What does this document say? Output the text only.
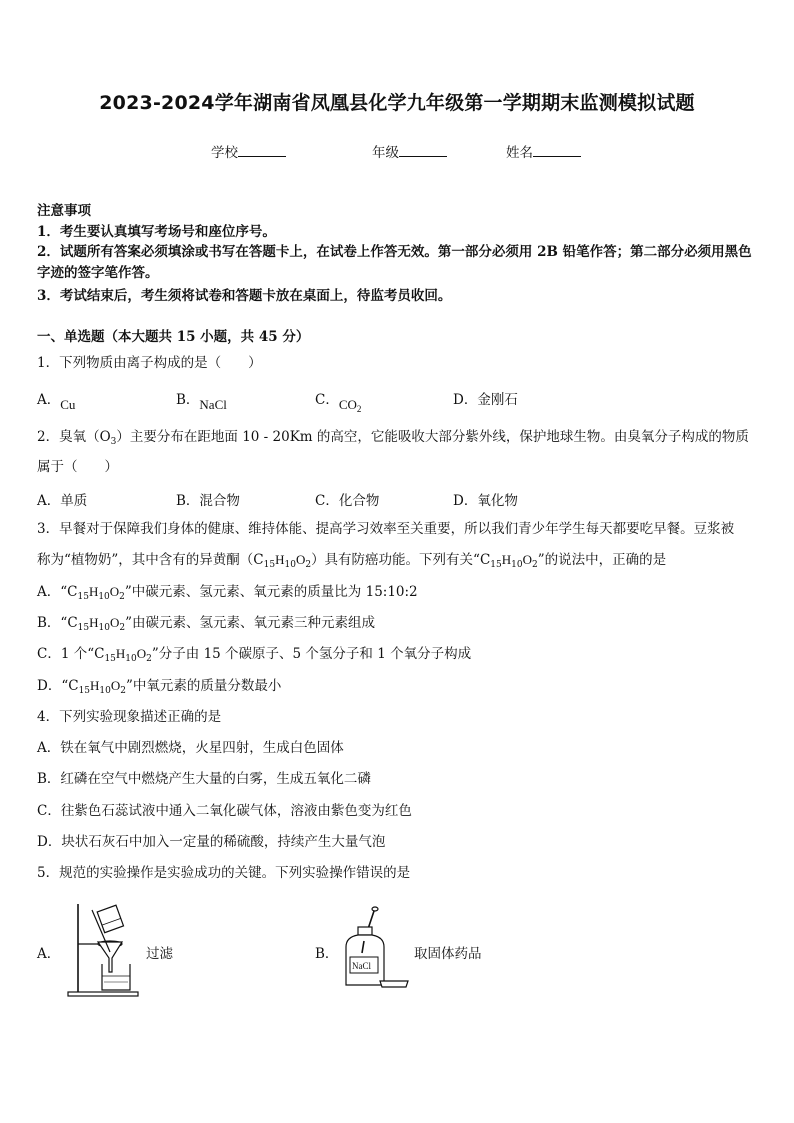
2023-2024学年湖南省凤凰县化学九年级第一学期期末监测模拟试题
学校	年级	姓名
注意事项
1．考生要认真填写考场号和座位序号。
2．试题所有答案必须填涂或书写在答题卡上，在试卷上作答无效。第一部分必须用 2B 铅笔作答；第二部分必须用黑色字迹的签字笔作答。
3．考试结束后，考生须将试卷和答题卡放在桌面上，待监考员收回。
一、单选题（本大题共 15 小题，共 45 分）
1．下列物质由离子构成的是（　　）
A．Cu	B．NaCl	C．$CO_2$
D．金刚石
2．臭氧$(O_3)$主要分布在距地面 10 - 20Km 的高空，它能吸收大部分紫外线，保护地球生物。由臭氧分子构成的物质
属于（　　）
A．单质	B．混合物	C．化合物	D．氧化物
3．早餐对于保障我们身体的健康、维持体能、提高学习效率至关重要，所以我们青少年学生每天都要吃早餐。豆浆被
称为“植物奶”，其中含有的异黄酮$(C_{15}H_{10}O_2)$具有防癌功能。下列有关“$C_{15}H_{10}O_2$”的说法中，正确的是
A．“$C_{15}H_{10}O_2$”中碳元素、氢元素、氧元素的质量比为 15:10:2
B．“$C_{15}H_{10}O_2$”由碳元素、氢元素、氧元素三种元素组成
C．1 个“$C_{15}H_{10}O_2$”分子由 15 个碳原子、5 个氢分子和 1 个氧分子构成
D．“$C_{15}H_{10}O_2$”中氧元素的质量分数最小
4．下列实验现象描述正确的是
A．铁在氧气中剧烈燃烧，火星四射，生成白色固体
B．红磷在空气中燃烧产生大量的白雾，生成五氧化二磷
C．往紫色石蕊试液中通入二氧化碳气体，溶液由紫色变为红色
D．块状石灰石中加入一定量的稀硫酸，持续产生大量气泡
5．规范的实验操作是实验成功的关键。下列实验操作错误的是
A．	过滤	B．
NaCl
取固体药品
